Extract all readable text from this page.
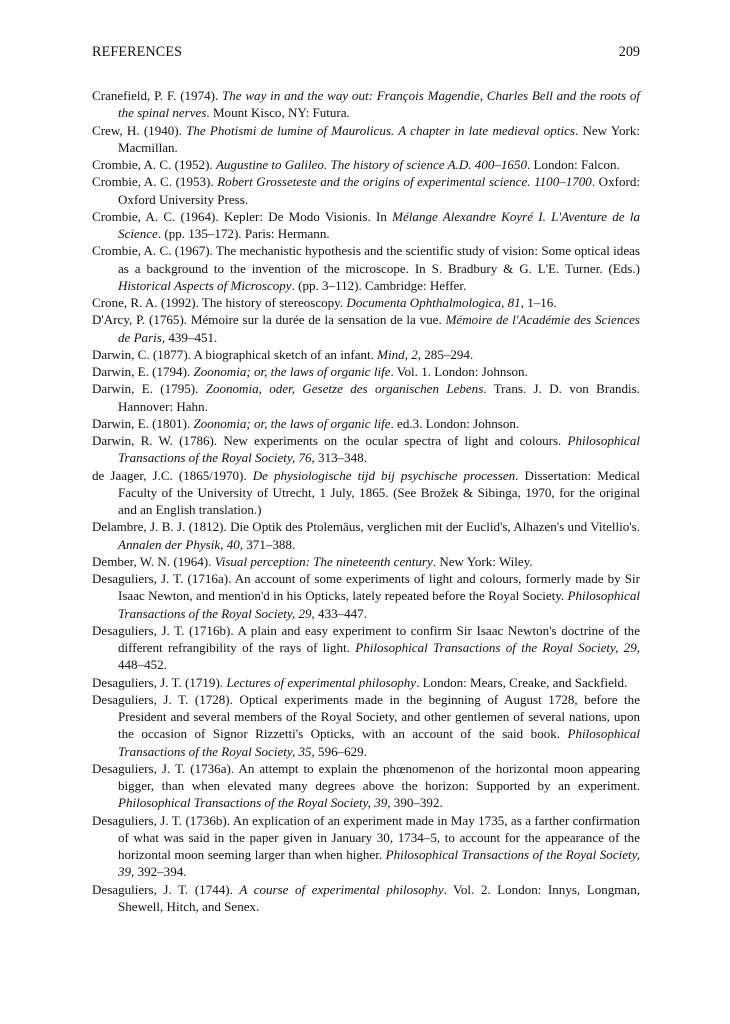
REFERENCES	209
Cranefield, P. F. (1974). The way in and the way out: François Magendie, Charles Bell and the roots of the spinal nerves. Mount Kisco, NY: Futura.
Crew, H. (1940). The Photismi de lumine of Maurolicus. A chapter in late medieval optics. New York: Macmillan.
Crombie, A. C. (1952). Augustine to Galileo. The history of science A.D. 400–1650. London: Falcon.
Crombie, A. C. (1953). Robert Grosseteste and the origins of experimental science. 1100–1700. Oxford: Oxford University Press.
Crombie, A. C. (1964). Kepler: De Modo Visionis. In Mélange Alexandre Koyré I. L'Aventure de la Science. (pp. 135–172). Paris: Hermann.
Crombie, A. C. (1967). The mechanistic hypothesis and the scientific study of vision: Some optical ideas as a background to the invention of the microscope. In S. Bradbury & G. L'E. Turner. (Eds.) Historical Aspects of Microscopy. (pp. 3–112). Cambridge: Heffer.
Crone, R. A. (1992). The history of stereoscopy. Documenta Ophthalmologica, 81, 1–16.
D'Arcy, P. (1765). Mémoire sur la durée de la sensation de la vue. Mémoire de l'Académie des Sciences de Paris, 439–451.
Darwin, C. (1877). A biographical sketch of an infant. Mind, 2, 285–294.
Darwin, E. (1794). Zoonomia; or, the laws of organic life. Vol. 1. London: Johnson.
Darwin, E. (1795). Zoonomia, oder, Gesetze des organischen Lebens. Trans. J. D. von Brandis. Hannover: Hahn.
Darwin, E. (1801). Zoonomia; or, the laws of organic life. ed.3. London: Johnson.
Darwin, R. W. (1786). New experiments on the ocular spectra of light and colours. Philosophical Transactions of the Royal Society, 76, 313–348.
de Jaager, J.C. (1865/1970). De physiologische tijd bij psychische processen. Dissertation: Medical Faculty of the University of Utrecht, 1 July, 1865. (See Brožek & Sibinga, 1970, for the original and an English translation.)
Delambre, J. B. J. (1812). Die Optik des Ptolemäus, verglichen mit der Euclid's, Alhazen's und Vitellio's. Annalen der Physik, 40, 371–388.
Dember, W. N. (1964). Visual perception: The nineteenth century. New York: Wiley.
Desaguliers, J. T. (1716a). An account of some experiments of light and colours, formerly made by Sir Isaac Newton, and mention'd in his Opticks, lately repeated before the Royal Society. Philosophical Transactions of the Royal Society, 29, 433–447.
Desaguliers, J. T. (1716b). A plain and easy experiment to confirm Sir Isaac Newton's doctrine of the different refrangibility of the rays of light. Philosophical Transactions of the Royal Society, 29, 448–452.
Desaguliers, J. T. (1719). Lectures of experimental philosophy. London: Mears, Creake, and Sackfield.
Desaguliers, J. T. (1728). Optical experiments made in the beginning of August 1728, before the President and several members of the Royal Society, and other gentlemen of several nations, upon the occasion of Signor Rizzetti's Opticks, with an account of the said book. Philosophical Transactions of the Royal Society, 35, 596–629.
Desaguliers, J. T. (1736a). An attempt to explain the phœnomenon of the horizontal moon appearing bigger, than when elevated many degrees above the horizon: Supported by an experiment. Philosophical Transactions of the Royal Society, 39, 390–392.
Desaguliers, J. T. (1736b). An explication of an experiment made in May 1735, as a farther confirmation of what was said in the paper given in January 30, 1734–5, to account for the appearance of the horizontal moon seeming larger than when higher. Philosophical Transactions of the Royal Society, 39, 392–394.
Desaguliers, J. T. (1744). A course of experimental philosophy. Vol. 2. London: Innys, Longman, Shewell, Hitch, and Senex.
